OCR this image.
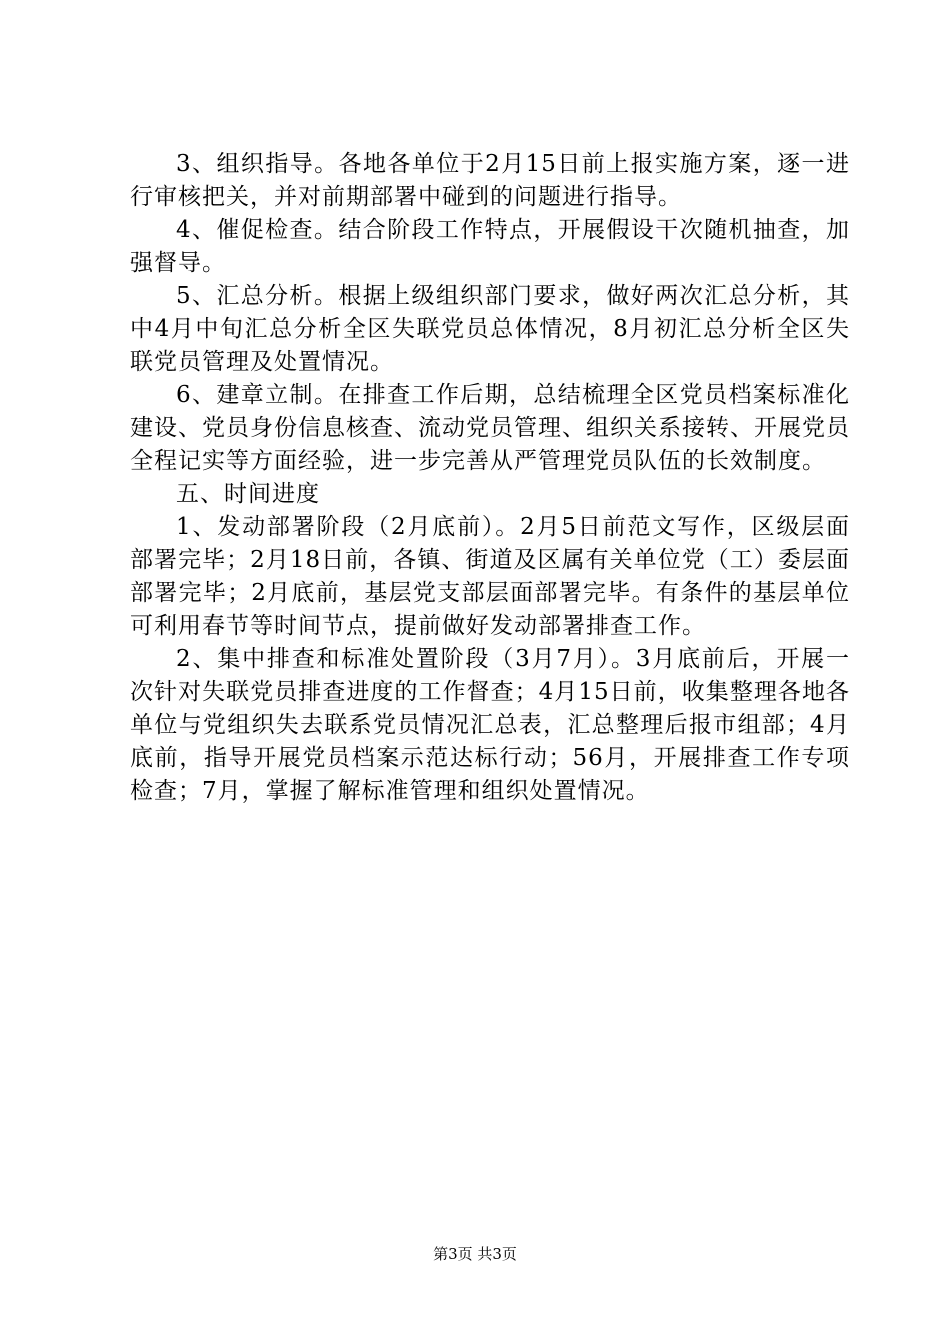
3、组织指导。各地各单位于2月15日前上报实施方案，逐一进行审核把关，并对前期部署中碰到的问题进行指导。

4、催促检查。结合阶段工作特点，开展假设干次随机抽查，加强督导。

5、汇总分析。根据上级组织部门要求，做好两次汇总分析，其中4月中旬汇总分析全区失联党员总体情况，8月初汇总分析全区失联党员管理及处置情况。

6、建章立制。在排查工作后期，总结梳理全区党员档案标准化建设、党员身份信息核查、流动党员管理、组织关系接转、开展党员全程记实等方面经验，进一步完善从严管理党员队伍的长效制度。

五、时间进度

1、发动部署阶段（2月底前）。2月5日前范文写作，区级层面部署完毕；2月18日前，各镇、街道及区属有关单位党（工）委层面部署完毕；2月底前，基层党支部层面部署完毕。有条件的基层单位可利用春节等时间节点，提前做好发动部署排查工作。

2、集中排查和标准处置阶段（3月7月）。3月底前后，开展一次针对失联党员排查进度的工作督查；4月15日前，收集整理各地各单位与党组织失去联系党员情况汇总表，汇总整理后报市组部；4月底前，指导开展党员档案示范达标行动；56月，开展排查工作专项检查；7月，掌握了解标准管理和组织处置情况。

第3页 共3页
